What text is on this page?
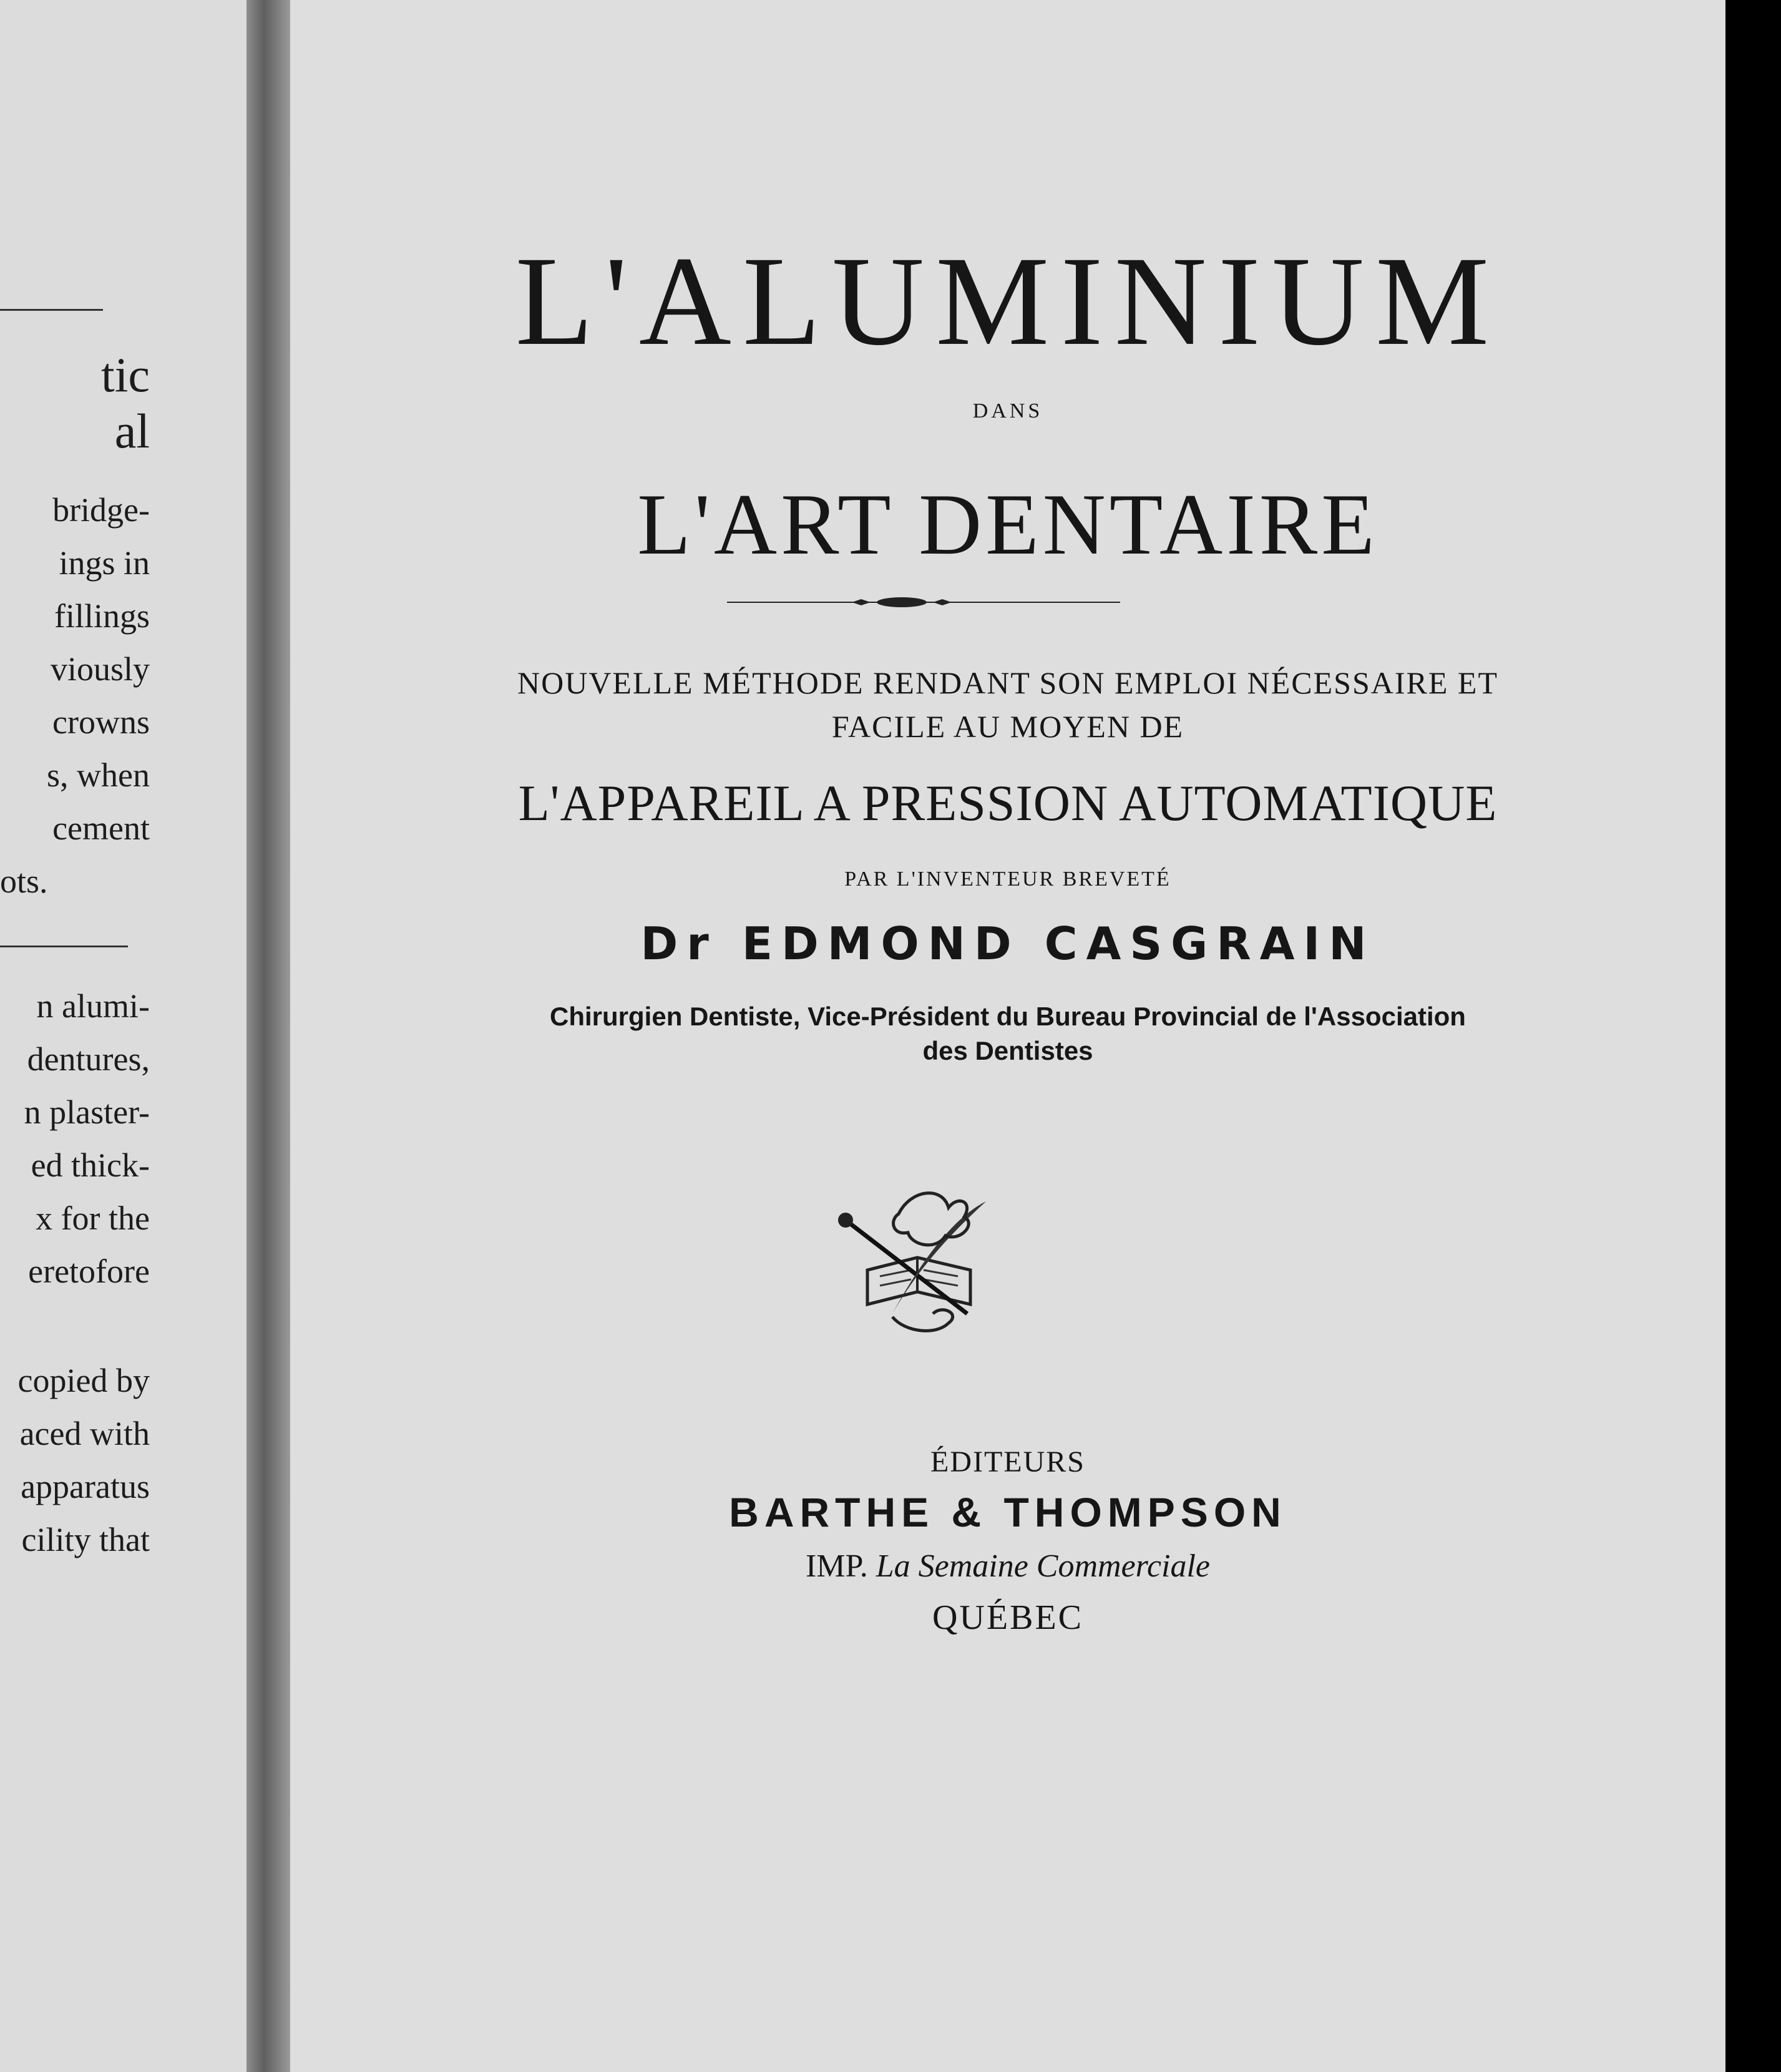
tic
al
bridge-
ings in
fillings
viously
crowns
s, when
cement
ots.
n alumi-
dentures,
n plaster-
ed thick-
x for the
eretofore
copied by
aced with
apparatus
cility that
L'ALUMINIUM
DANS
L'ART DENTAIRE
NOUVELLE MÉTHODE RENDANT SON EMPLOI NÉCESSAIRE ET
FACILE AU MOYEN DE
L'APPAREIL A PRESSION AUTOMATIQUE
PAR L'INVENTEUR BREVETÉ
Dr EDMOND CASGRAIN
Chirurgien Dentiste, Vice-Président du Bureau Provincial de l'Association
des Dentistes
ÉDITEURS
BARTHE & THOMPSON
IMP. La Semaine Commerciale
QUÉBEC
